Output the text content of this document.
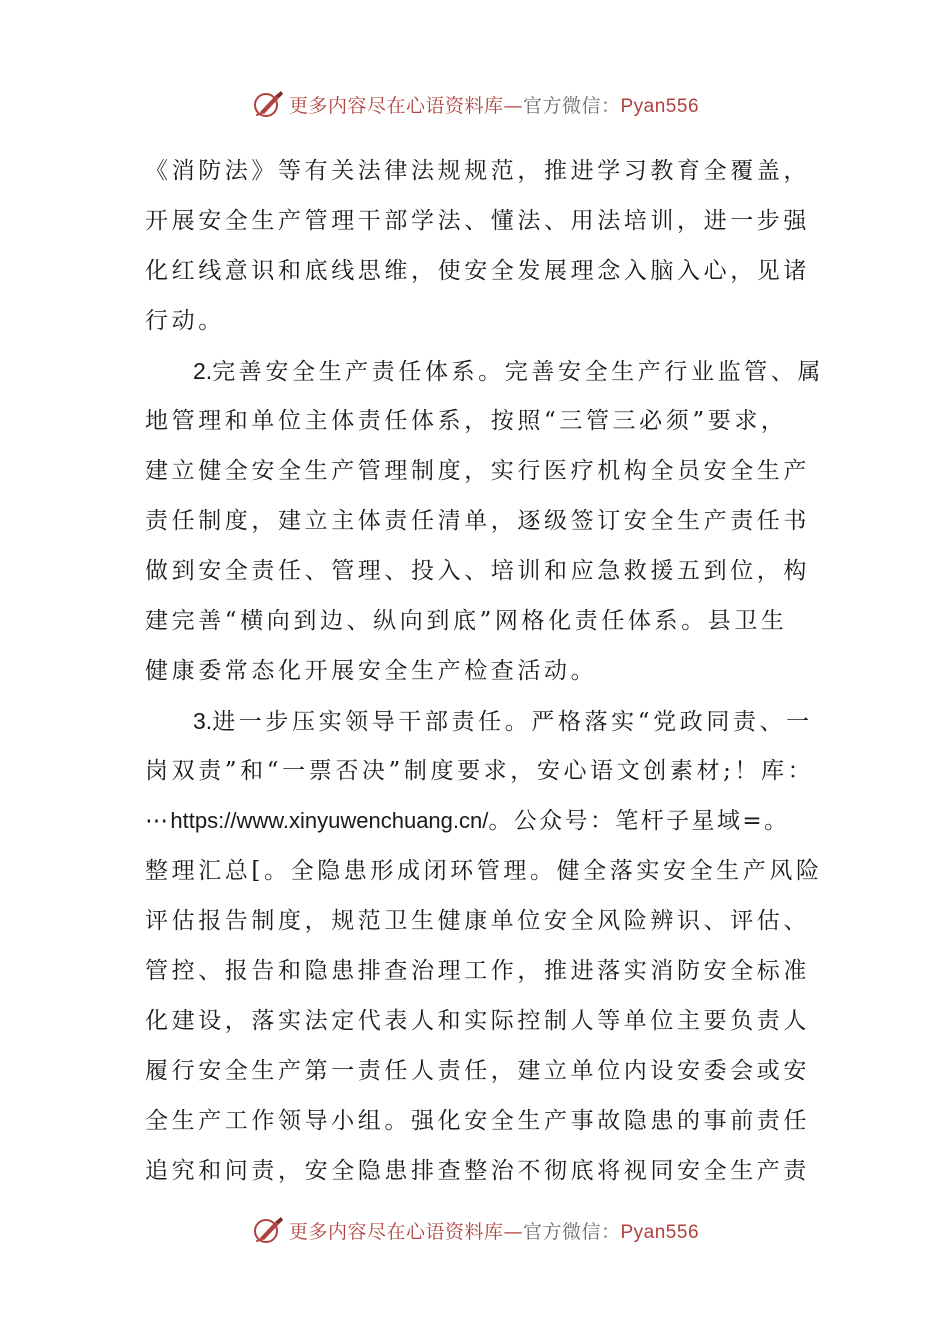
更多内容尽在心语资料库—官方微信：Pyan556
《消防法》等有关法律法规规范，推进学习教育全覆盖，
开展安全生产管理干部学法、懂法、用法培训，进一步强
化红线意识和底线思维，使安全发展理念入脑入心，见诸
行动。
2.完善安全生产责任体系。完善安全生产行业监管、属
地管理和单位主体责任体系，按照“三管三必须”要求，
建立健全安全生产管理制度，实行医疗机构全员安全生产
责任制度，建立主体责任清单，逐级签订安全生产责任书
做到安全责任、管理、投入、培训和应急救援五到位，构
建完善“横向到边、纵向到底”网格化责任体系。县卫生
健康委常态化开展安全生产检查活动。
3.进一步压实领导干部责任。严格落实“党政同责、一
岗双责”和“一票否决”制度要求，安心语文创素材;！库：
⋯https://www.xinyuwenchuang.cn/。公众号：笔杆子星域=。
整理汇总[。全隐患形成闭环管理。健全落实安全生产风险
评估报告制度，规范卫生健康单位安全风险辨识、评估、
管控、报告和隐患排查治理工作，推进落实消防安全标准
化建设，落实法定代表人和实际控制人等单位主要负责人
履行安全生产第一责任人责任，建立单位内设安委会或安
全生产工作领导小组。强化安全生产事故隐患的事前责任
追究和问责，安全隐患排查整治不彻底将视同安全生产责
更多内容尽在心语资料库—官方微信：Pyan556
